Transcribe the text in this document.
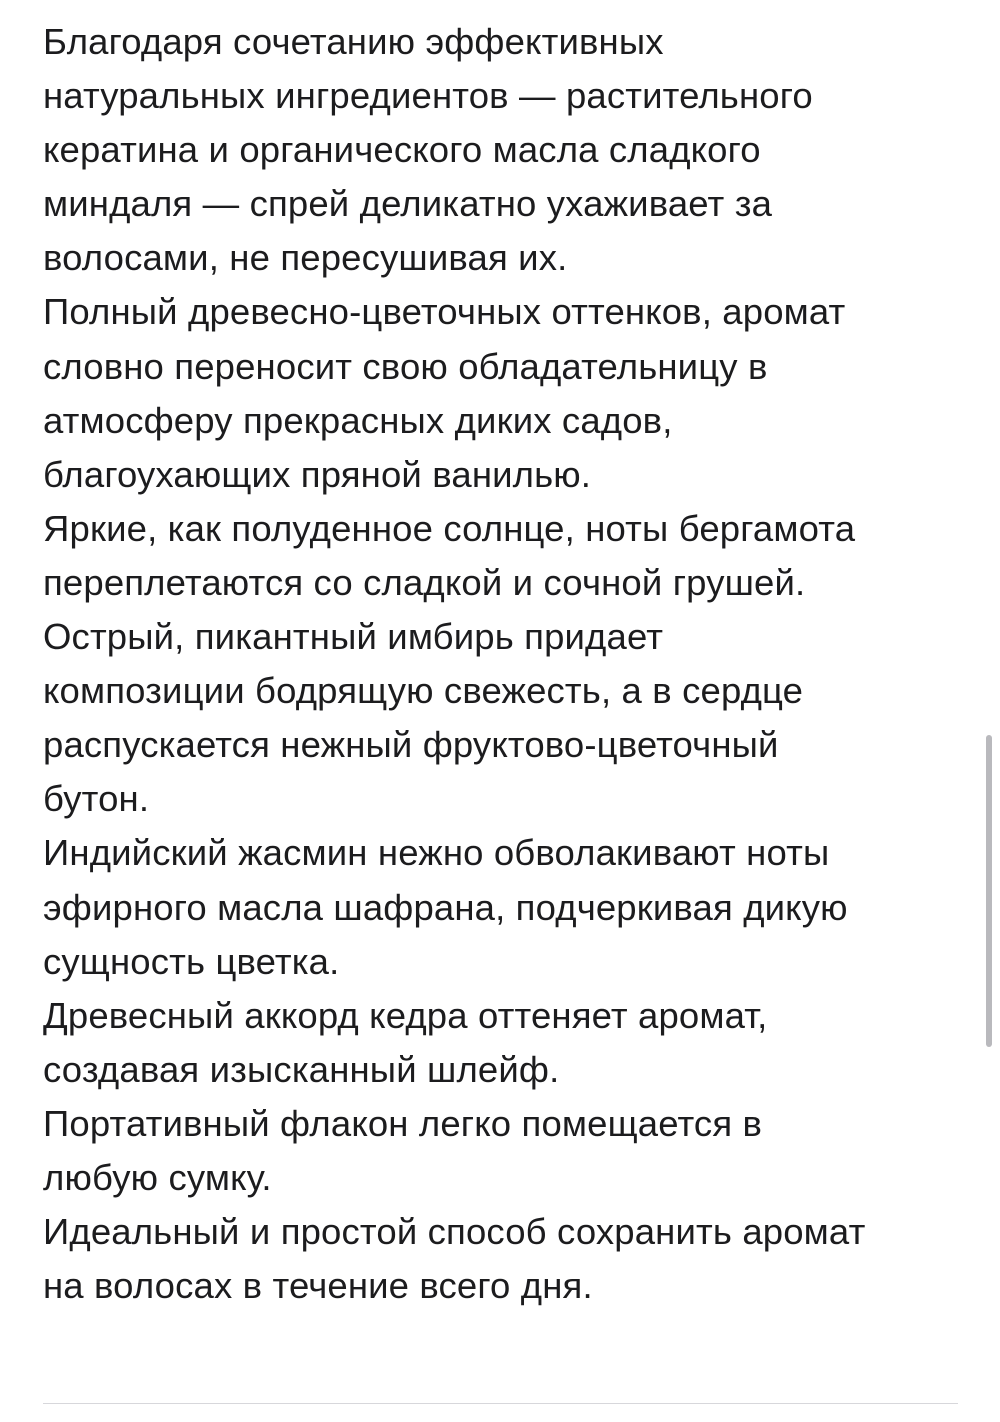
Благодаря сочетанию эффективных
натуральных ингредиентов — растительного
кератина и органического масла сладкого
миндаля — спрей деликатно ухаживает за
волосами, не пересушивая их.
Полный древесно-цветочных оттенков, аромат
словно переносит свою обладательницу в
атмосферу прекрасных диких садов,
благоухающих пряной ванилью.
Яркие, как полуденное солнце, ноты бергамота
переплетаются со сладкой и сочной грушей.
Острый, пикантный имбирь придает
композиции бодрящую свежесть, а в сердце
распускается нежный фруктово-цветочный
бутон.
Индийский жасмин нежно обволакивают ноты
эфирного масла шафрана, подчеркивая дикую
сущность цветка.
Древесный аккорд кедра оттеняет аромат,
создавая изысканный шлейф.
Портативный флакон легко помещается в
любую сумку.
Идеальный и простой способ сохранить аромат
на волосах в течение всего дня.
